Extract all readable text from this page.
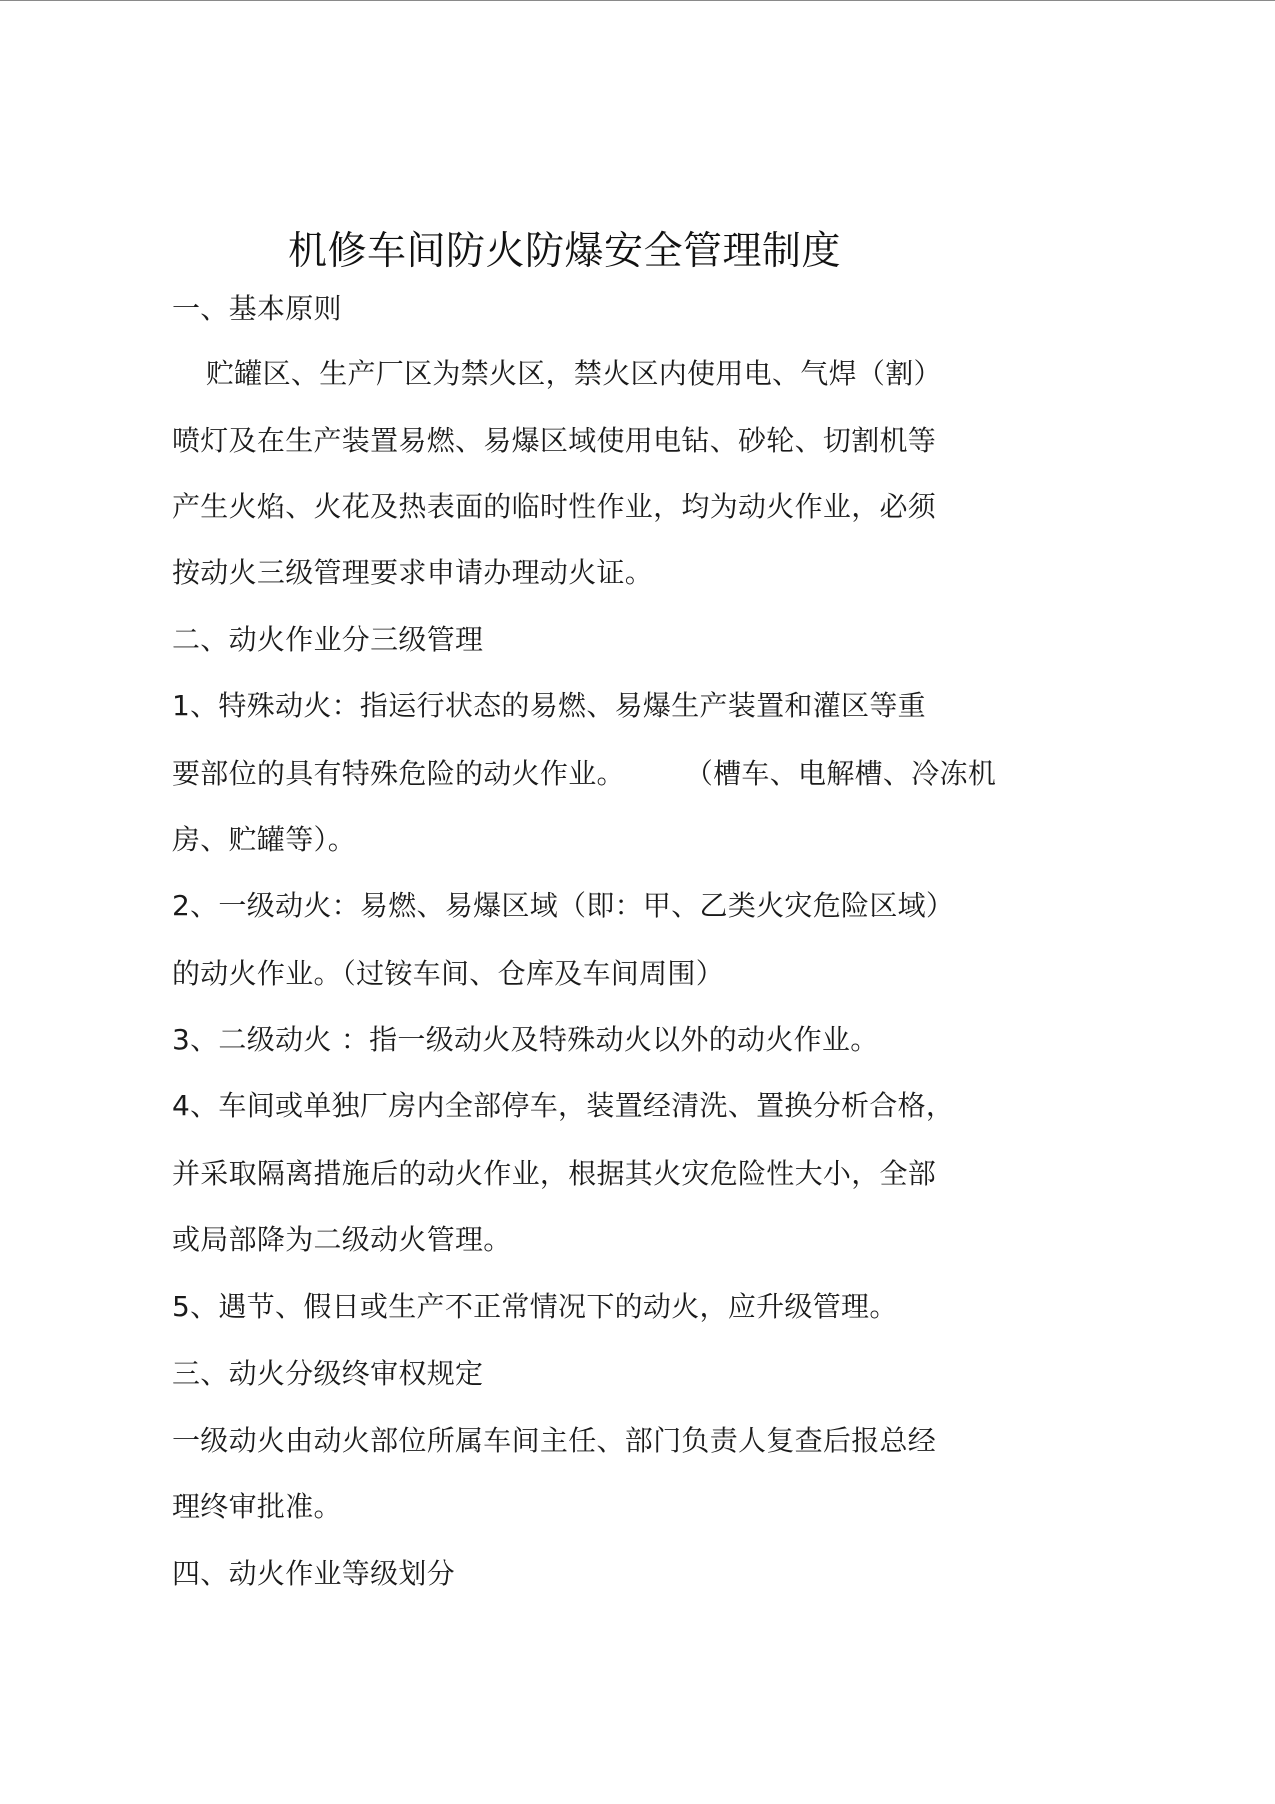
机修车间防火防爆安全管理制度
一、基本原则
贮罐区、生产厂区为禁火区，禁火区内使用电、气焊（割）
喷灯及在生产装置易燃、易爆区域使用电钻、砂轮、切割机等
产生火焰、火花及热表面的临时性作业，均为动火作业，必须
按动火三级管理要求申请办理动火证。
二、动火作业分三级管理
1、特殊动火：指运行状态的易燃、易爆生产装置和灌区等重
要部位的具有特殊危险的动火作业。 （槽车、电解槽、冷冻机
房、贮罐等）。
2、一级动火：易燃、易爆区域（即：甲、乙类火灾危险区域）
的动火作业。（过铵车间、仓库及车间周围）
3、二级动火 ：指一级动火及特殊动火以外的动火作业。
4、车间或单独厂房内全部停车，装置经清洗、置换分析合格，
并采取隔离措施后的动火作业，根据其火灾危险性大小，全部
或局部降为二级动火管理。
5、遇节、假日或生产不正常情况下的动火，应升级管理。
三、动火分级终审权规定
一级动火由动火部位所属车间主任、部门负责人复查后报总经
理终审批准。
四、动火作业等级划分
